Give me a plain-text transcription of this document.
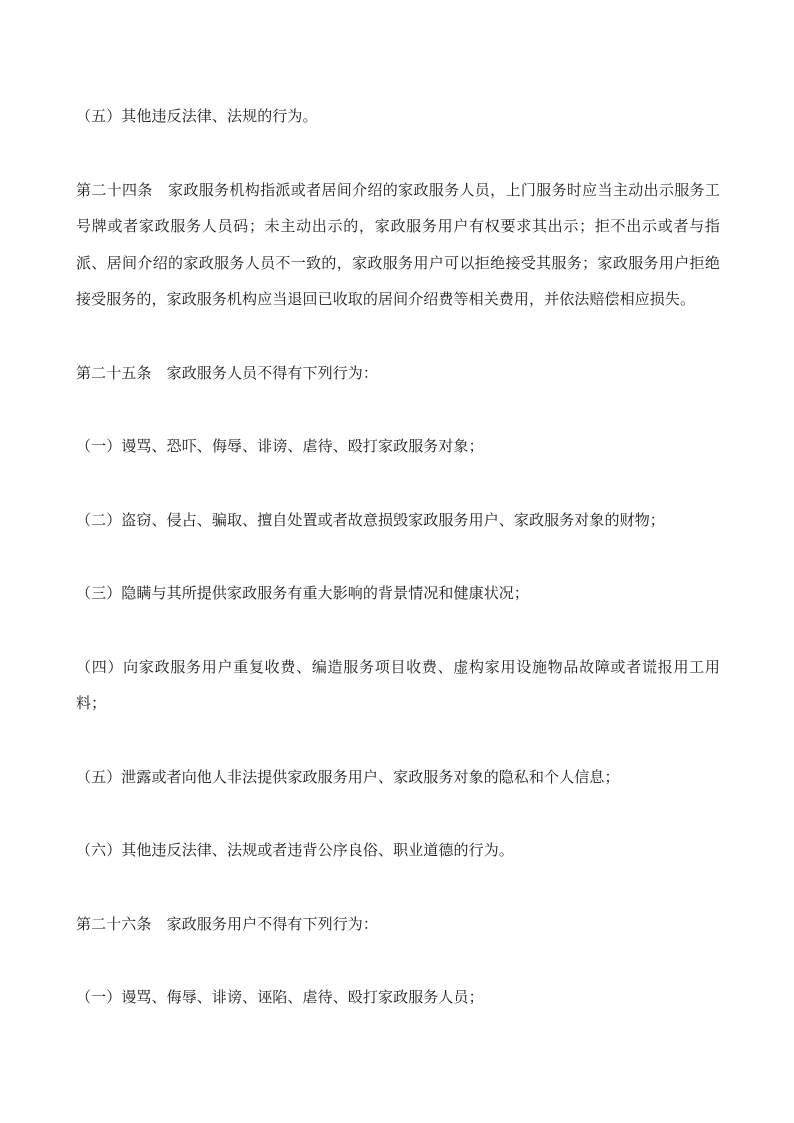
（五）其他违反法律、法规的行为。

第二十四条　家政服务机构指派或者居间介绍的家政服务人员，上门服务时应当主动出示服务工号牌或者家政服务人员码；未主动出示的，家政服务用户有权要求其出示；拒不出示或者与指派、居间介绍的家政服务人员不一致的，家政服务用户可以拒绝接受其服务；家政服务用户拒绝接受服务的，家政服务机构应当退回已收取的居间介绍费等相关费用，并依法赔偿相应损失。

第二十五条　家政服务人员不得有下列行为：

（一）谩骂、恐吓、侮辱、诽谤、虐待、殴打家政服务对象；

（二）盗窃、侵占、骗取、擅自处置或者故意损毁家政服务用户、家政服务对象的财物；

（三）隐瞒与其所提供家政服务有重大影响的背景情况和健康状况；

（四）向家政服务用户重复收费、编造服务项目收费、虚构家用设施物品故障或者谎报用工用料；

（五）泄露或者向他人非法提供家政服务用户、家政服务对象的隐私和个人信息；

（六）其他违反法律、法规或者违背公序良俗、职业道德的行为。

第二十六条　家政服务用户不得有下列行为：

（一）谩骂、侮辱、诽谤、诬陷、虐待、殴打家政服务人员；
